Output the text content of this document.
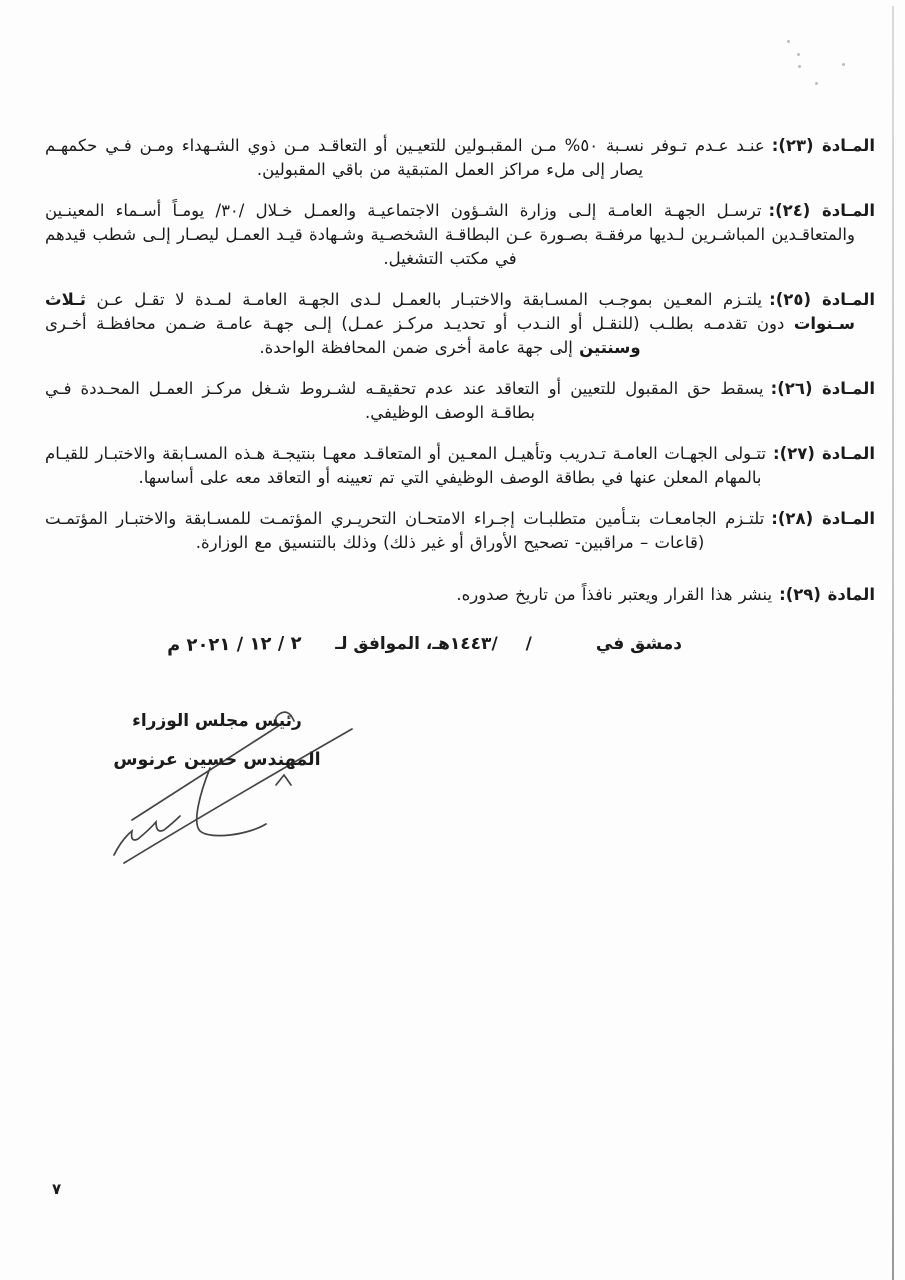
المـادة (٢٣):عنـد عـدم تـوفر نسـبة ٥٠% مـن المقبـولين للتعيـين أو التعاقـد مـن ذوي الشـهداء ومـن فـي حكمهـم يصار إلى ملء مراكز العمل المتبقية من باقي المقبولين.

المـادة (٢٤):ترسـل الجهـة العامـة إلـى وزارة الشـؤون الاجتماعيـة والعمـل خـلال /٣٠/ يومـاً أسـماء المعينـين والمتعاقـدين المباشـرين لـديها مرفقـة بصـورة عـن البطاقـة الشخصـية وشـهادة قيـد العمـل ليصـار إلـى شطب قيدهم في مكتب التشغيل.

المـادة (٢٥):يلتـزم المعـين بموجـب المسـابقة والاختبـار بالعمـل لـدى الجهـة العامـة لمـدة لا تقـل عـن ثـلاث سـنوات دون تقدمـه بطلـب (للنقـل أو النـدب أو تحديـد مركـز عمـل) إلـى جهـة عامـة ضـمن محافظـة أخـرى وسنتين إلى جهة عامة أخرى ضمن المحافظة الواحدة.

المـادة (٢٦):يسقط حق المقبول للتعيين أو التعاقد عند عدم تحقيقـه لشـروط شـغل مركـز العمـل المحـددة فـي بطاقـة الوصف الوظيفي.

المـادة (٢٧):تتـولى الجهـات العامـة تـدريب وتأهيـل المعـين أو المتعاقـد معهـا بنتيجـة هـذه المسـابقة والاختبـار للقيـام بالمهام المعلن عنها في بطاقة الوصف الوظيفي التي تم تعيينه أو التعاقد معه على أساسها.

المـادة (٢٨):تلتـزم الجامعـات بتـأمين متطلبـات إجـراء الامتحـان التحريـري المؤتمـت للمسـابقة والاختبـار المؤتمـت (قاعات – مراقبين- تصحيح الأوراق أو غير ذلك) وذلك بالتنسيق مع الوزارة.

المادة (٢٩):ينشر هذا القرار ويعتبر نافذاً من تاريخ صدوره.

دمشق في//١٤٤٣هـ، الموافق لـ٢ / ١٢ / ٢٠٢١ م
رئيس مجلس الوزراء
المهندس حسين عرنوس
٧
